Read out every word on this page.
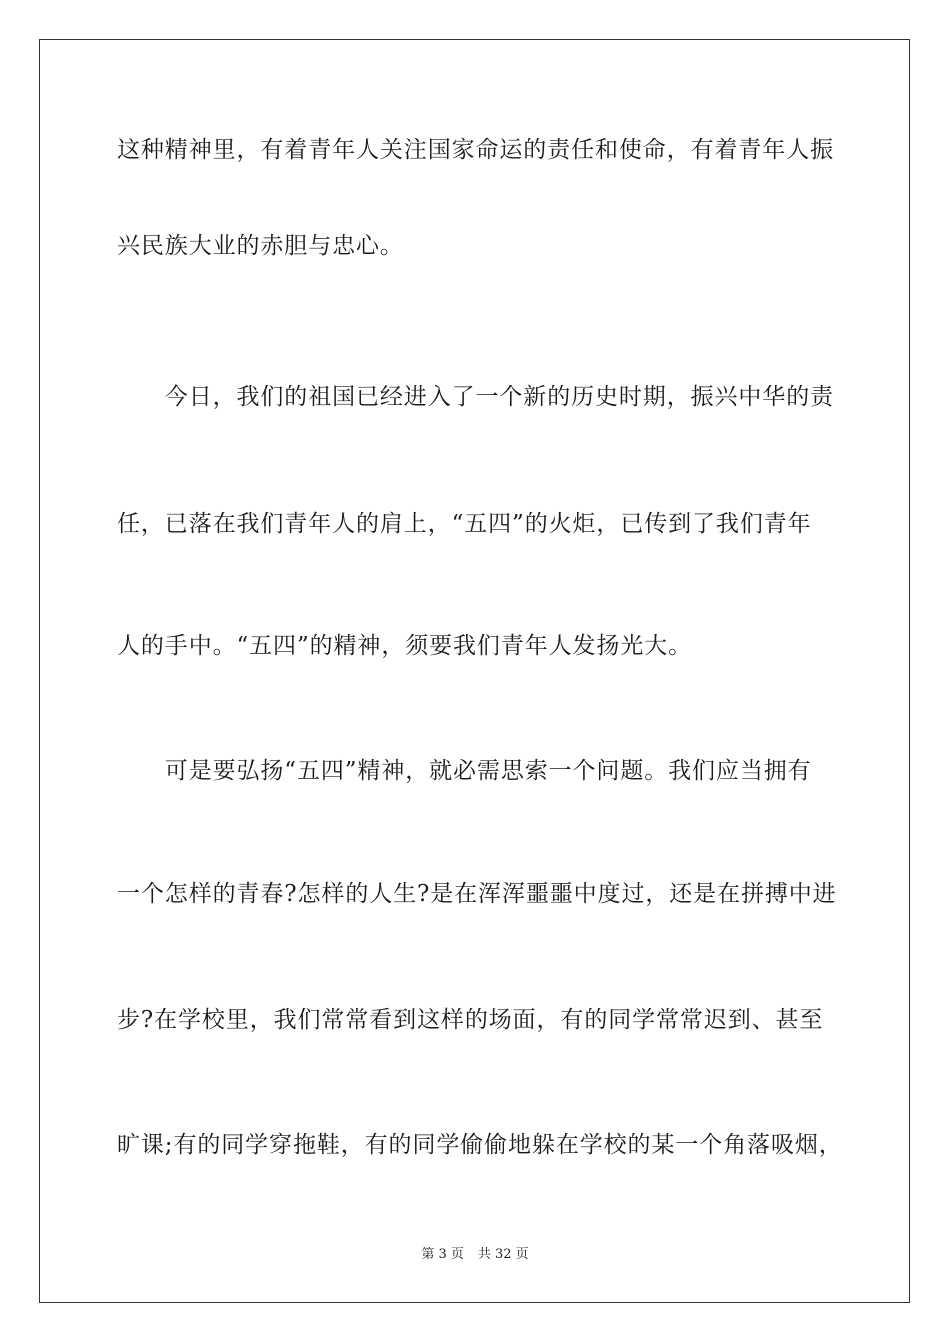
这种精神里，有着青年人关注国家命运的责任和使命，有着青年人振
兴民族大业的赤胆与忠心。
　　今日，我们的祖国已经进入了一个新的历史时期，振兴中华的责
任，已落在我们青年人的肩上，“五四”的火炬，已传到了我们青年
人的手中。“五四”的精神，须要我们青年人发扬光大。
　　可是要弘扬“五四”精神，就必需思索一个问题。我们应当拥有
一个怎样的青春?怎样的人生?是在浑浑噩噩中度过，还是在拼搏中进
步?在学校里，我们常常看到这样的场面，有的同学常常迟到、甚至
旷课;有的同学穿拖鞋，有的同学偷偷地躲在学校的某一个角落吸烟，
第 3 页 共 32 页
